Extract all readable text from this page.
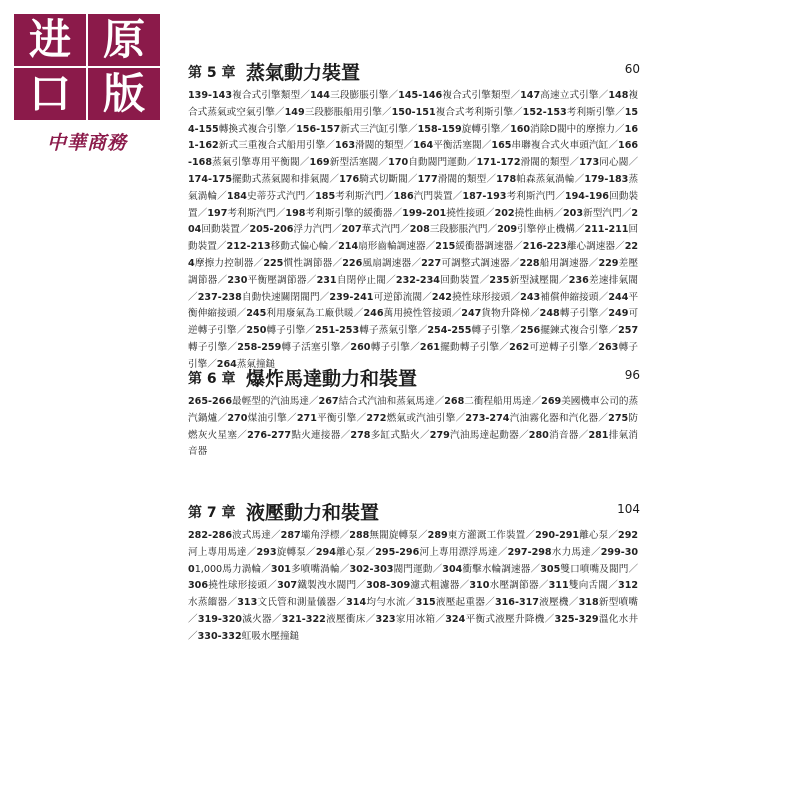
进 原
口 版
中華商務
第 5 章 蒸氣動力裝置	60
139-143複合式引擎類型／144三段膨脹引擎／145-146複合式引擎類型／147高速立式引擎／148複合式蒸氣或空氣引擎／149三段膨脹船用引擎／150-151複合式考利斯引擎／152-153考利斯引擎／154-155轉換式複合引擎／156-157新式三汽缸引擎／158-159旋轉引擎／160消除D閥中的摩擦力／161-162新式三重複合式船用引擎／163滑閥的類型／164平衡活塞閥／165串聯複合式火車頭汽缸／166-168蒸氣引擎專用平衡閥／169新型活塞閥／170自動閥門運動／171-172滑閥的類型／173同心閥／174-175擺動式蒸氣閥和排氣閥／176騎式切斷閥／177滑閥的類型／178帕森蒸氣渦輪／179-183蒸氣渦輪／184史蒂芬式汽門／185考利斯汽門／186汽門裝置／187-193考利斯汽門／194-196回動裝置／197考利斯汽門／198考利斯引擎的緩衝器／199-201撓性接頭／202撓性曲柄／203新型汽門／204回動裝置／205-206浮力汽門／207華式汽門／208三段膨脹汽門／209引擎停止機構／211-211回動裝置／212-213移動式偏心輪／214扇形齒輪調速器／215緩衝器調速器／216-223離心調速器／224摩擦力控制器／225慣性調節器／226風扇調速器／227可調整式調速器／228船用調速器／229差壓調節器／230平衡壓調節器／231自閉停止閥／232-234回動裝置／235新型減壓閥／236差速排氣閥／237-238自動快速關閉閥門／239-241可逆節流閥／242撓性球形接頭／243補償伸縮接頭／244平衡伸縮接頭／245利用廢氣為工廠供暖／246萬用撓性管接頭／247貨物升降梯／248轉子引擎／249可逆轉子引擎／250轉子引擎／251-253轉子蒸氣引擎／254-255轉子引擎／256擺鍊式複合引擎／257轉子引擎／258-259轉子活塞引擎／260轉子引擎／261擺動轉子引擎／262可逆轉子引擎／263轉子引擎／264蒸氣撞鎚
第 6 章 爆炸馬達動力和裝置	96
265-266最輕型的汽油馬達／267結合式汽油和蒸氣馬達／268二衝程船用馬達／269美國機車公司的蒸汽鍋爐／270煤油引擎／271平衡引擎／272燃氣或汽油引擎／273-274汽油霧化器和汽化器／275防燃灰火星塞／276-277點火連接器／278多缸式點火／279汽油馬達起動器／280消音器／281排氣消音器
第 7 章 液壓動力和裝置	104
282-286波式馬達／287壩角浮標／288無閥旋轉泵／289東方灌溉工作裝置／290-291離心泵／292河上專用馬達／293旋轉泵／294離心泵／295-296河上專用漂浮馬達／297-298水力馬達／299-3001,000馬力渦輪／301多噴嘴渦輪／302-303閥門運動／304衝擊水輪調速器／305雙口噴嘴及閥門／306撓性球形接頭／307鐵製洩水閥門／308-309濾式粗濾器／310水壓調節器／311雙向舌閥／312水蒸餾器／313文氏管和測量儀器／314均勻水流／315液壓起重器／316-317液壓機／318新型噴嘴／319-320滅火器／321-322液壓衝床／323家用冰箱／324平衡式液壓升降機／325-329溫化水井／330-332虹吸水壓撞鎚
